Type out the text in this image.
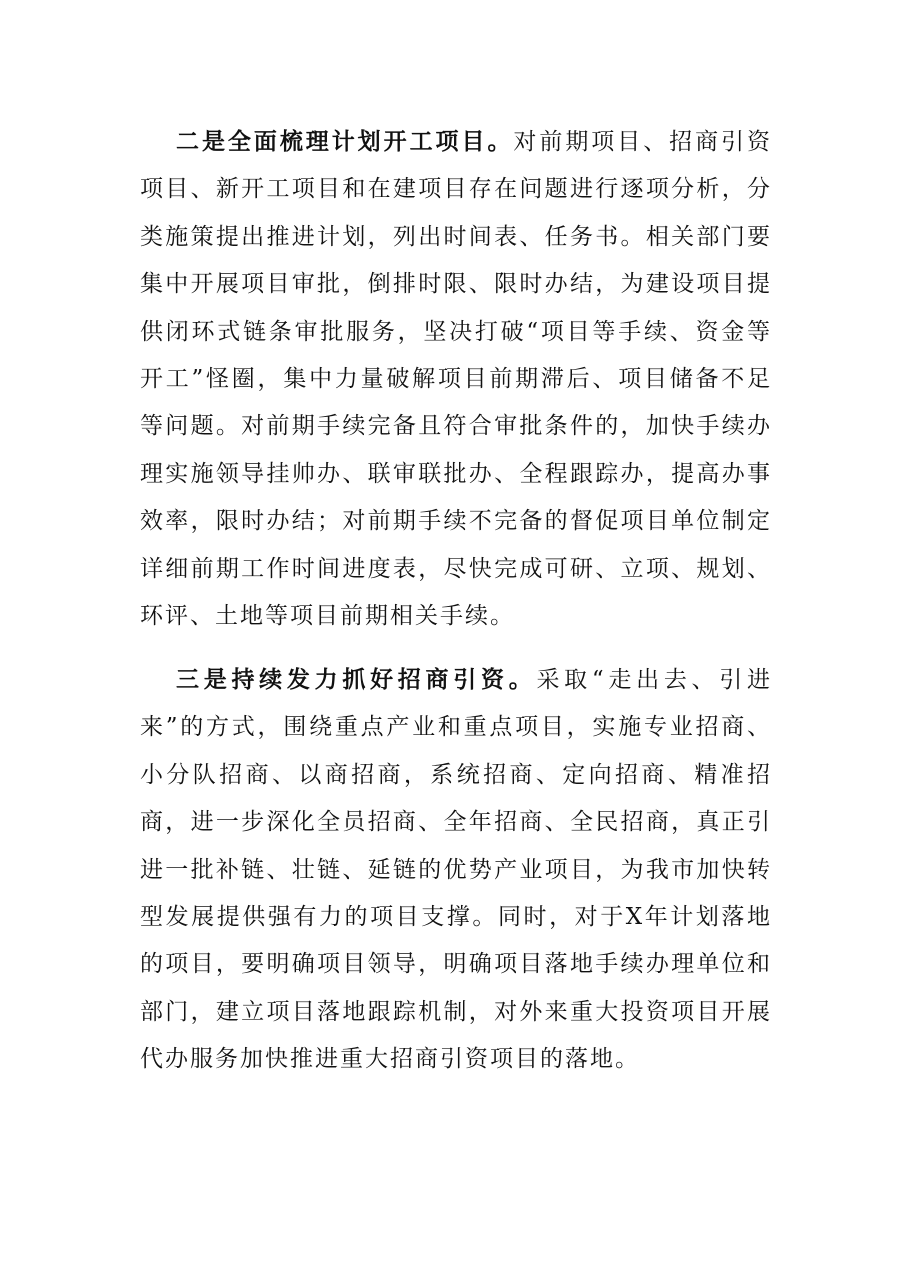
二是全面梳理计划开工项目。对前期项目、招商引资项目、新开工项目和在建项目存在问题进行逐项分析，分类施策提出推进计划，列出时间表、任务书。相关部门要集中开展项目审批，倒排时限、限时办结，为建设项目提供闭环式链条审批服务，坚决打破“项目等手续、资金等开工”怪圈，集中力量破解项目前期滞后、项目储备不足等问题。对前期手续完备且符合审批条件的，加快手续办理实施领导挂帅办、联审联批办、全程跟踪办，提高办事效率，限时办结；对前期手续不完备的督促项目单位制定详细前期工作时间进度表，尽快完成可研、立项、规划、环评、土地等项目前期相关手续。

三是持续发力抓好招商引资。采取“走出去、引进来”的方式，围绕重点产业和重点项目，实施专业招商、小分队招商、以商招商，系统招商、定向招商、精准招商，进一步深化全员招商、全年招商、全民招商，真正引进一批补链、壮链、延链的优势产业项目，为我市加快转型发展提供强有力的项目支撑。同时，对于X年计划落地的项目，要明确项目领导，明确项目落地手续办理单位和部门，建立项目落地跟踪机制，对外来重大投资项目开展代办服务加快推进重大招商引资项目的落地。
